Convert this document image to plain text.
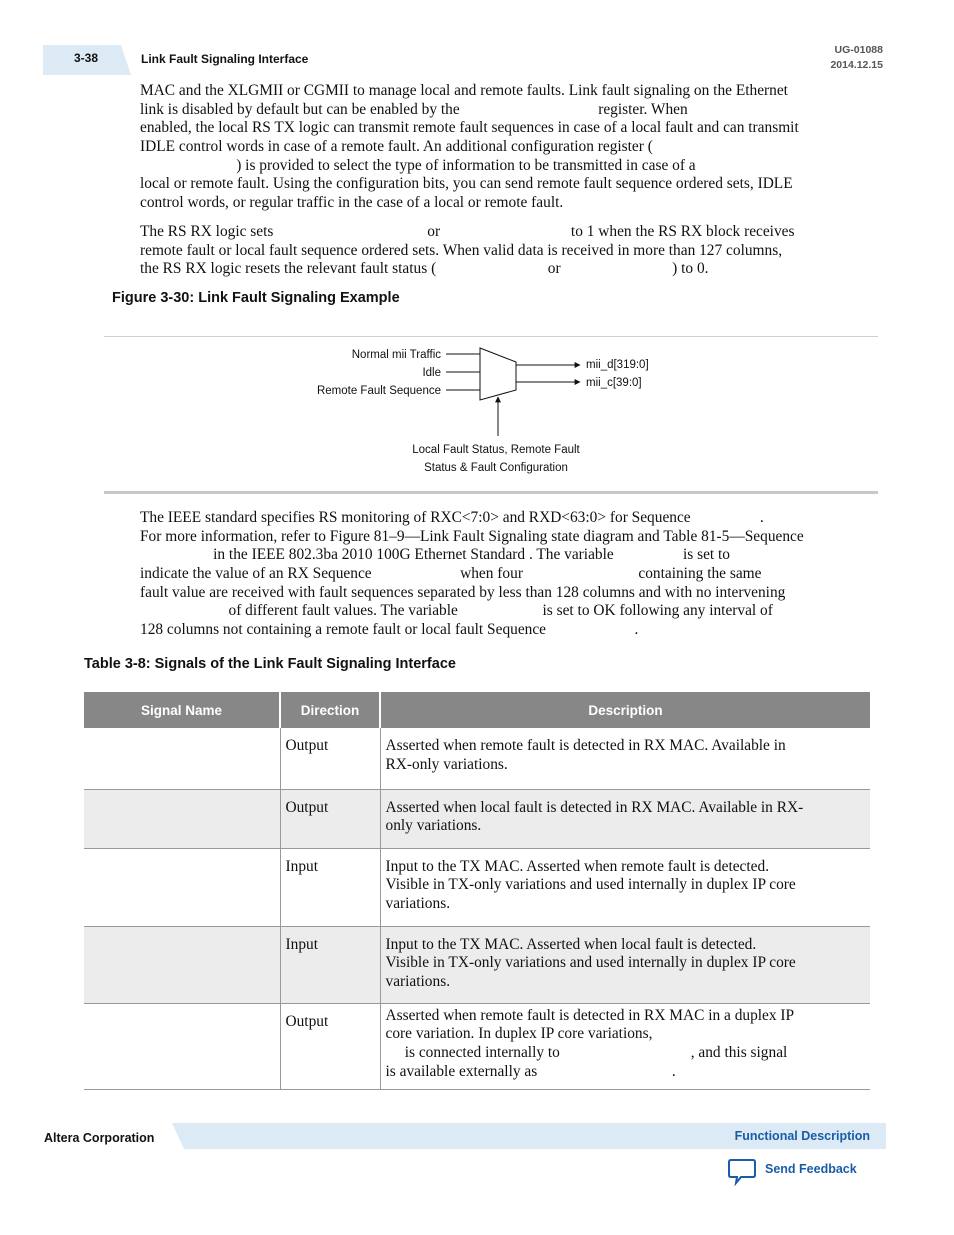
3-38	Link Fault Signaling Interface
UG-01088
2014.12.15
MAC and the XLGMII or CGMII to manage local and remote faults. Link fault signaling on the Ethernet
link is disabled by default but can be enabled by the                                    register. When
enabled, the local RS TX logic can transmit remote fault sequences in case of a local fault and can transmit
IDLE control words in case of a remote fault. An additional configuration register (
) is provided to select the type of information to be transmitted in case of a
local or remote fault. Using the configuration bits, you can send remote fault sequence ordered sets, IDLE
control words, or regular traffic in the case of a local or remote fault.
The RS RX logic sets                                        or                                  to 1 when the RS RX block receives
remote fault or local fault sequence ordered sets. When valid data is received in more than 127 columns,
the RS RX logic resets the relevant fault status (                             or                             ) to 0.
Figure 3-30: Link Fault Signaling Example
Normal mii Traffic
Idle
Remote Fault Sequence
mii_d[319:0]
mii_c[39:0]
Local Fault Status, Remote Fault
Status & Fault Configuration
The IEEE standard specifies RS monitoring of RXC<7:0> and RXD<63:0> for Sequence                  .
For more information, refer to Figure 81–9—Link Fault Signaling state diagram and Table 81-5—Sequence
in the IEEE 802.3ba 2010 100G Ethernet Standard . The variable                  is set to
indicate the value of an RX Sequence                       when four                              containing the same
fault value are received with fault sequences separated by less than 128 columns and with no intervening
of different fault values. The variable                      is set to OK following any interval of
128 columns not containing a remote fault or local fault Sequence                       .
Table 3-8: Signals of the Link Fault Signaling Interface
Signal Name	Direction	Description
	Output	Asserted when remote fault is detected in RX MAC. Available in
RX-only variations.

	Output	Asserted when local fault is detected in RX MAC. Available in RX-
only variations.

	Input	Input to the TX MAC. Asserted when remote fault is detected.
Visible in TX-only variations and used internally in duplex IP core
variations.

	Input	Input to the TX MAC. Asserted when local fault is detected.
Visible in TX-only variations and used internally in duplex IP core
variations.

	Output	Asserted when remote fault is detected in RX MAC in a duplex IP
core variation. In duplex IP core variations,
is connected internally to                                  , and this signal
is available externally as                                   .
Altera Corporation	Functional Description
Send Feedback
